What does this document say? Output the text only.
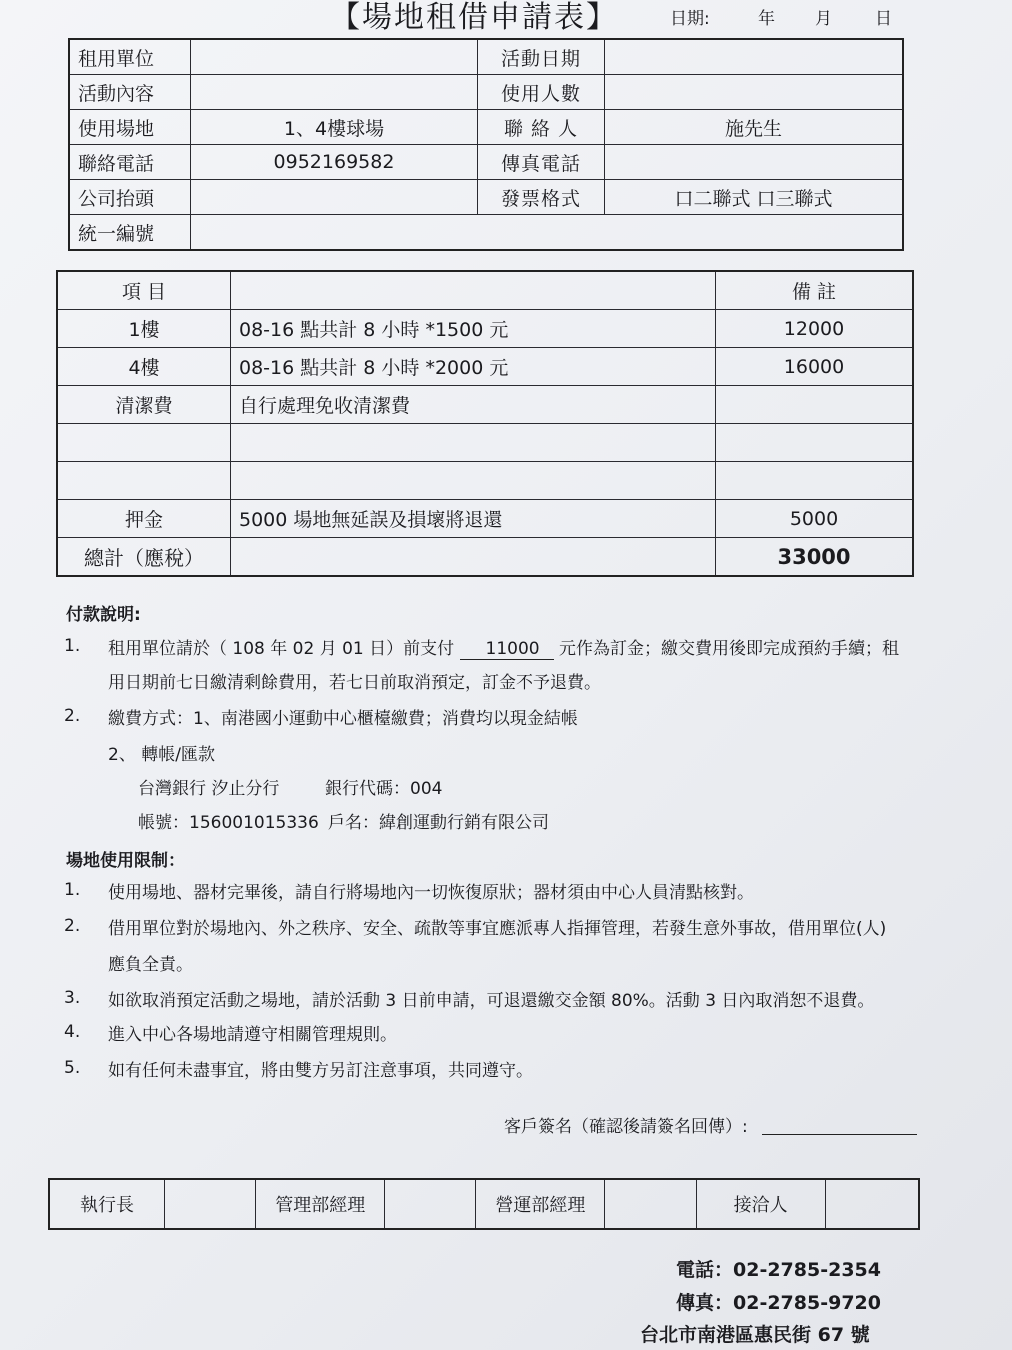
【場地租借申請表】	日期:	年 月	日
租用單位		活動日期	
活動內容		使用人數	
使用場地	1、4樓球場	聯 絡 人	施先生
聯絡電話	0952169582	傳真電話	
公司抬頭		發票格式	口二聯式 口三聯式
統一編號			
項 目		備 註
1樓	08-16 點共計 8 小時 *1500 元	12000
4樓	08-16 點共計 8 小時 *2000 元	16000
清潔費	自行處理免收清潔費	

押金	5000 場地無延誤及損壞將退還	5000
總計（應稅）		33000
付款說明:
1. 租用單位請於（ 108 年 02 月 01 日）前支付 11000 元作為訂金；繳交費用後即完成預約手續；租
用日期前七日繳清剩餘費用，若七日前取消預定，訂金不予退費。
2. 繳費方式：1、南港國小運動中心櫃檯繳費；消費均以現金結帳
2、 轉帳/匯款
台灣銀行 汐止分行	銀行代碼：004
帳號：156001015336 戶名：緯創運動行銷有限公司
場地使用限制：
1. 使用場地、器材完畢後，請自行將場地內一切恢復原狀；器材須由中心人員清點核對。
2. 借用單位對於場地內、外之秩序、安全、疏散等事宜應派專人指揮管理，若發生意外事故，借用單位(人)
應負全責。
3. 如欲取消預定活動之場地，請於活動 3 日前申請，可退還繳交金額 80%。活動 3 日內取消恕不退費。
4. 進入中心各場地請遵守相關管理規則。
5. 如有任何未盡事宜，將由雙方另訂注意事項，共同遵守。
客戶簽名（確認後請簽名回傳）:
執行長		管理部經理		營運部經理		接洽人	
電話：02-2785-2354
傳真：02-2785-9720
台北市南港區惠民街 67 號
